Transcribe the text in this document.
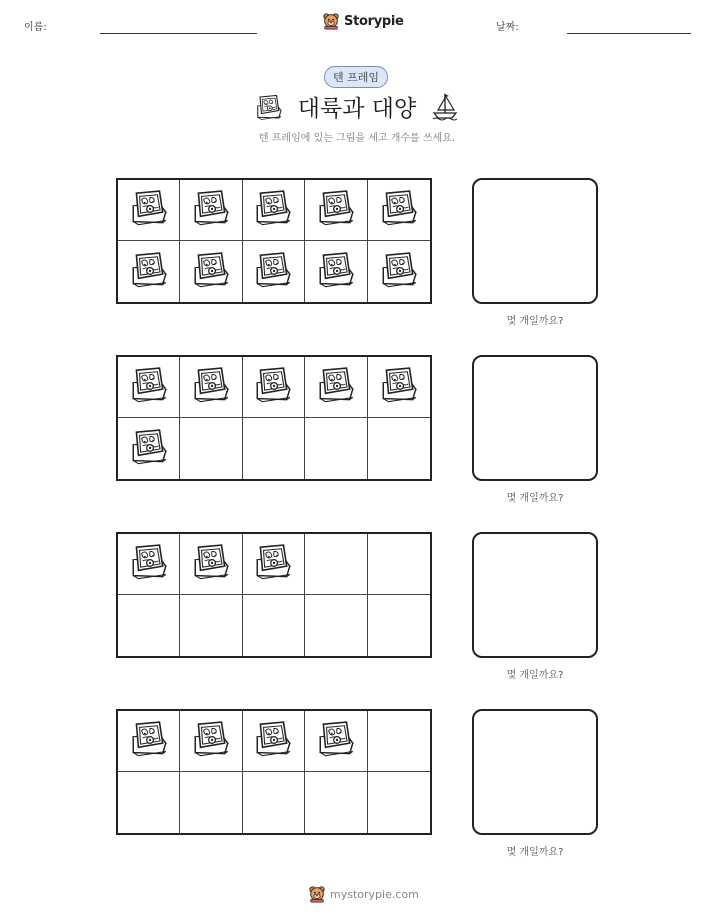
이름:	Storypie	날짜:
텐 프레임
대륙과 대양
텐 프레임에 있는 그림을 세고 개수를 쓰세요.
몇 개일까요?
몇 개일까요?
몇 개일까요?
몇 개일까요?
mystorypie.com
